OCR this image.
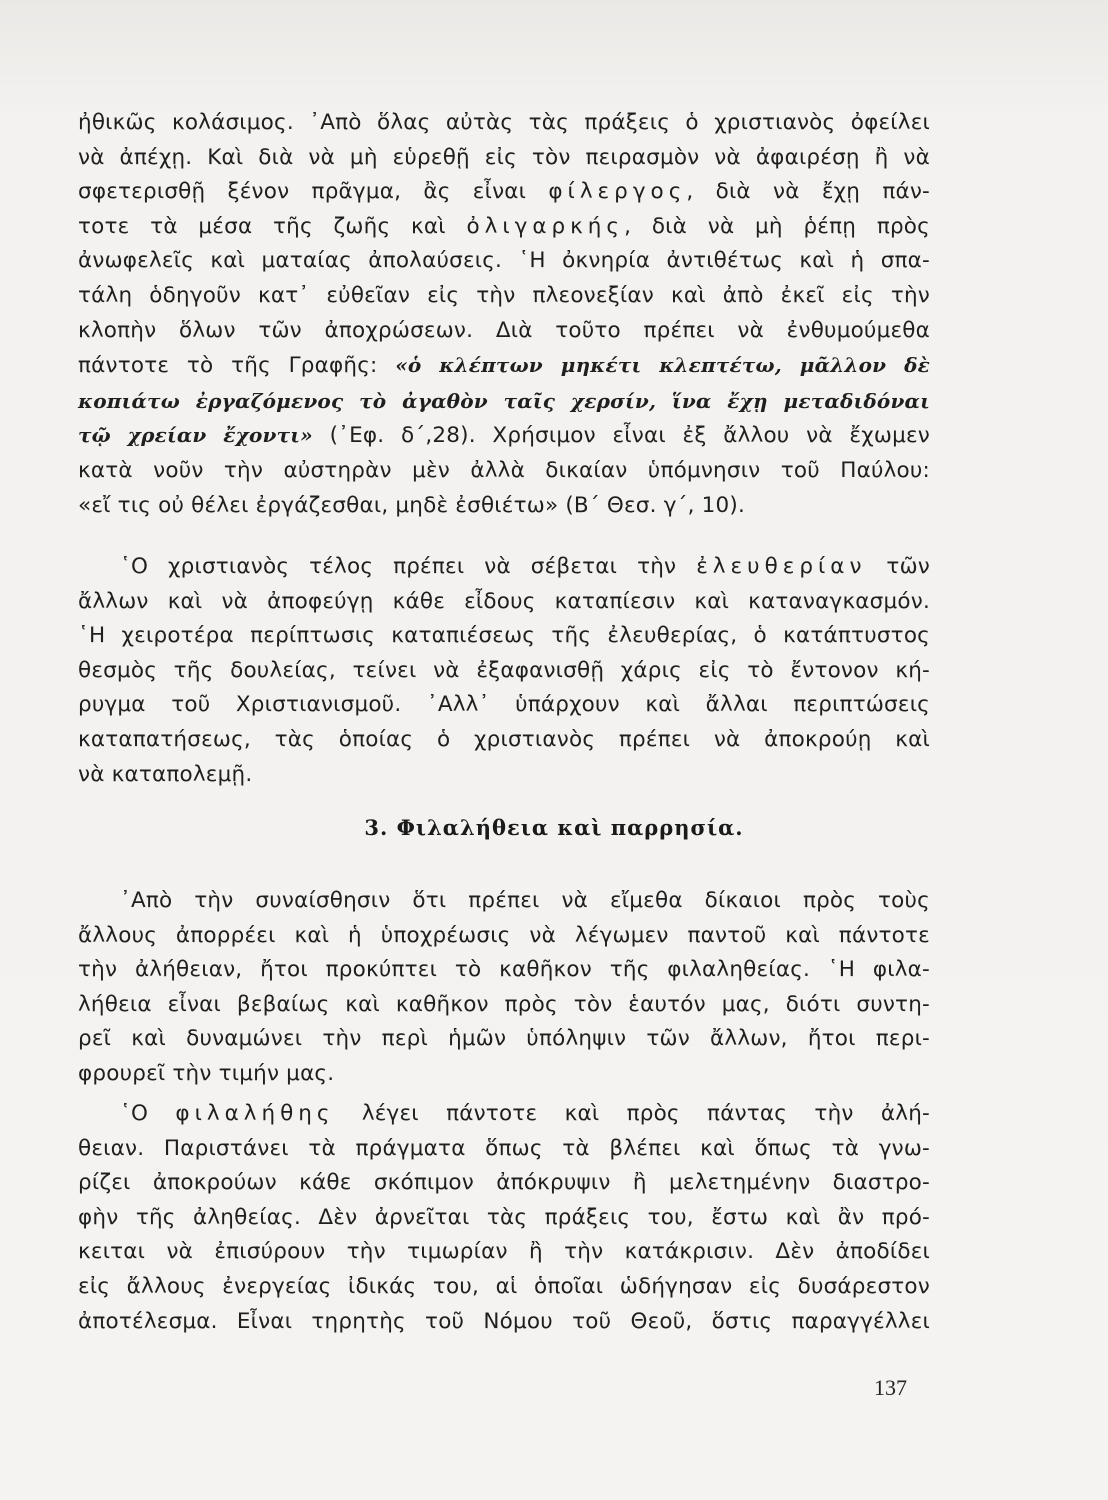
ἠθικῶς κολάσιμος. ᾿Απὸ ὅλας αὐτὰς τὰς πράξεις ὁ χριστιανὸς ὀφείλει
νὰ ἀπέχῃ. Καὶ διὰ νὰ μὴ εὑρεθῇ εἰς τὸν πειρασμὸν νὰ ἀφαιρέσῃ ἢ νὰ
σφετερισθῇ ξένον πρᾶγμα, ἂς εἶναι φίλεργος, διὰ νὰ ἔχῃ πάν-
τοτε τὰ μέσα τῆς ζωῆς καὶ ὀλιγαρκής, διὰ νὰ μὴ ῥέπῃ πρὸς
ἀνωφελεῖς καὶ ματαίας ἀπολαύσεις. ῾Η ὀκνηρία ἀντιθέτως καὶ ἡ σπα-
τάλη ὁδηγοῦν κατ᾿ εὐθεῖαν εἰς τὴν πλεονεξίαν καὶ ἀπὸ ἐκεῖ εἰς τὴν
κλοπὴν ὅλων τῶν ἀποχρώσεων. Διὰ τοῦτο πρέπει νὰ ἐνθυμούμεθα
πάντοτε τὸ τῆς Γραφῆς: «ὁ κλέπτων μηκέτι κλεπτέτω, μᾶλλον δὲ
κοπιάτω ἐργαζόμενος τὸ ἀγαθὸν ταῖς χερσίν, ἵνα ἔχῃ μεταδιδόναι
τῷ χρείαν ἔχοντι» (᾿Εφ. δ΄,28). Χρήσιμον εἶναι ἐξ ἄλλου νὰ ἔχωμεν
κατὰ νοῦν τὴν αὐστηρὰν μὲν ἀλλὰ δικαίαν ὑπόμνησιν τοῦ Παύλου:
«εἴ τις οὐ θέλει ἐργάζεσθαι, μηδὲ ἐσθιέτω» (Β΄ Θεσ. γ΄, 10).
῾Ο χριστιανὸς τέλος πρέπει νὰ σέβεται τὴν ἐλευθερίαν τῶν
ἄλλων καὶ νὰ ἀποφεύγῃ κάθε εἶδους καταπίεσιν καὶ καταναγκασμόν.
῾Η χειροτέρα περίπτωσις καταπιέσεως τῆς ἐλευθερίας, ὁ κατάπτυστος
θεσμὸς τῆς δουλείας, τείνει νὰ ἐξαφανισθῇ χάρις εἰς τὸ ἔντονον κή-
ρυγμα τοῦ Χριστιανισμοῦ. ᾿Αλλ᾿ ὑπάρχουν καὶ ἄλλαι περιπτώσεις
καταπατήσεως, τὰς ὁποίας ὁ χριστιανὸς πρέπει νὰ ἀποκρούῃ καὶ
νὰ καταπολεμῇ.
3. Φιλαλήθεια καὶ παρρησία.
᾿Απὸ τὴν συναίσθησιν ὅτι πρέπει νὰ εἴμεθα δίκαιοι πρὸς τοὺς
ἄλλους ἀπορρέει καὶ ἡ ὑποχρέωσις νὰ λέγωμεν παντοῦ καὶ πάντοτε
τὴν ἀλήθειαν, ἤτοι προκύπτει τὸ καθῆκον τῆς φιλαληθείας. ῾Η φιλα-
λήθεια εἶναι βεβαίως καὶ καθῆκον πρὸς τὸν ἑαυτόν μας, διότι συντη-
ρεῖ καὶ δυναμώνει τὴν περὶ ἡμῶν ὑπόληψιν τῶν ἄλλων, ἤτοι περι-
φρουρεῖ τὴν τιμήν μας.
῾Ο φιλαλήθης λέγει πάντοτε καὶ πρὸς πάντας τὴν ἀλή-
θειαν. Παριστάνει τὰ πράγματα ὅπως τὰ βλέπει καὶ ὅπως τὰ γνω-
ρίζει ἀποκρούων κάθε σκόπιμον ἀπόκρυψιν ἢ μελετημένην διαστρο-
φὴν τῆς ἀληθείας. Δὲν ἀρνεῖται τὰς πράξεις του, ἔστω καὶ ἂν πρό-
κειται νὰ ἐπισύρουν τὴν τιμωρίαν ἢ τὴν κατάκρισιν. Δὲν ἀποδίδει
εἰς ἄλλους ἐνεργείας ἰδικάς του, αἱ ὁποῖαι ὡδήγησαν εἰς δυσάρεστον
ἀποτέλεσμα. Εἶναι τηρητὴς τοῦ Νόμου τοῦ Θεοῦ, ὅστις παραγγέλλει
137
